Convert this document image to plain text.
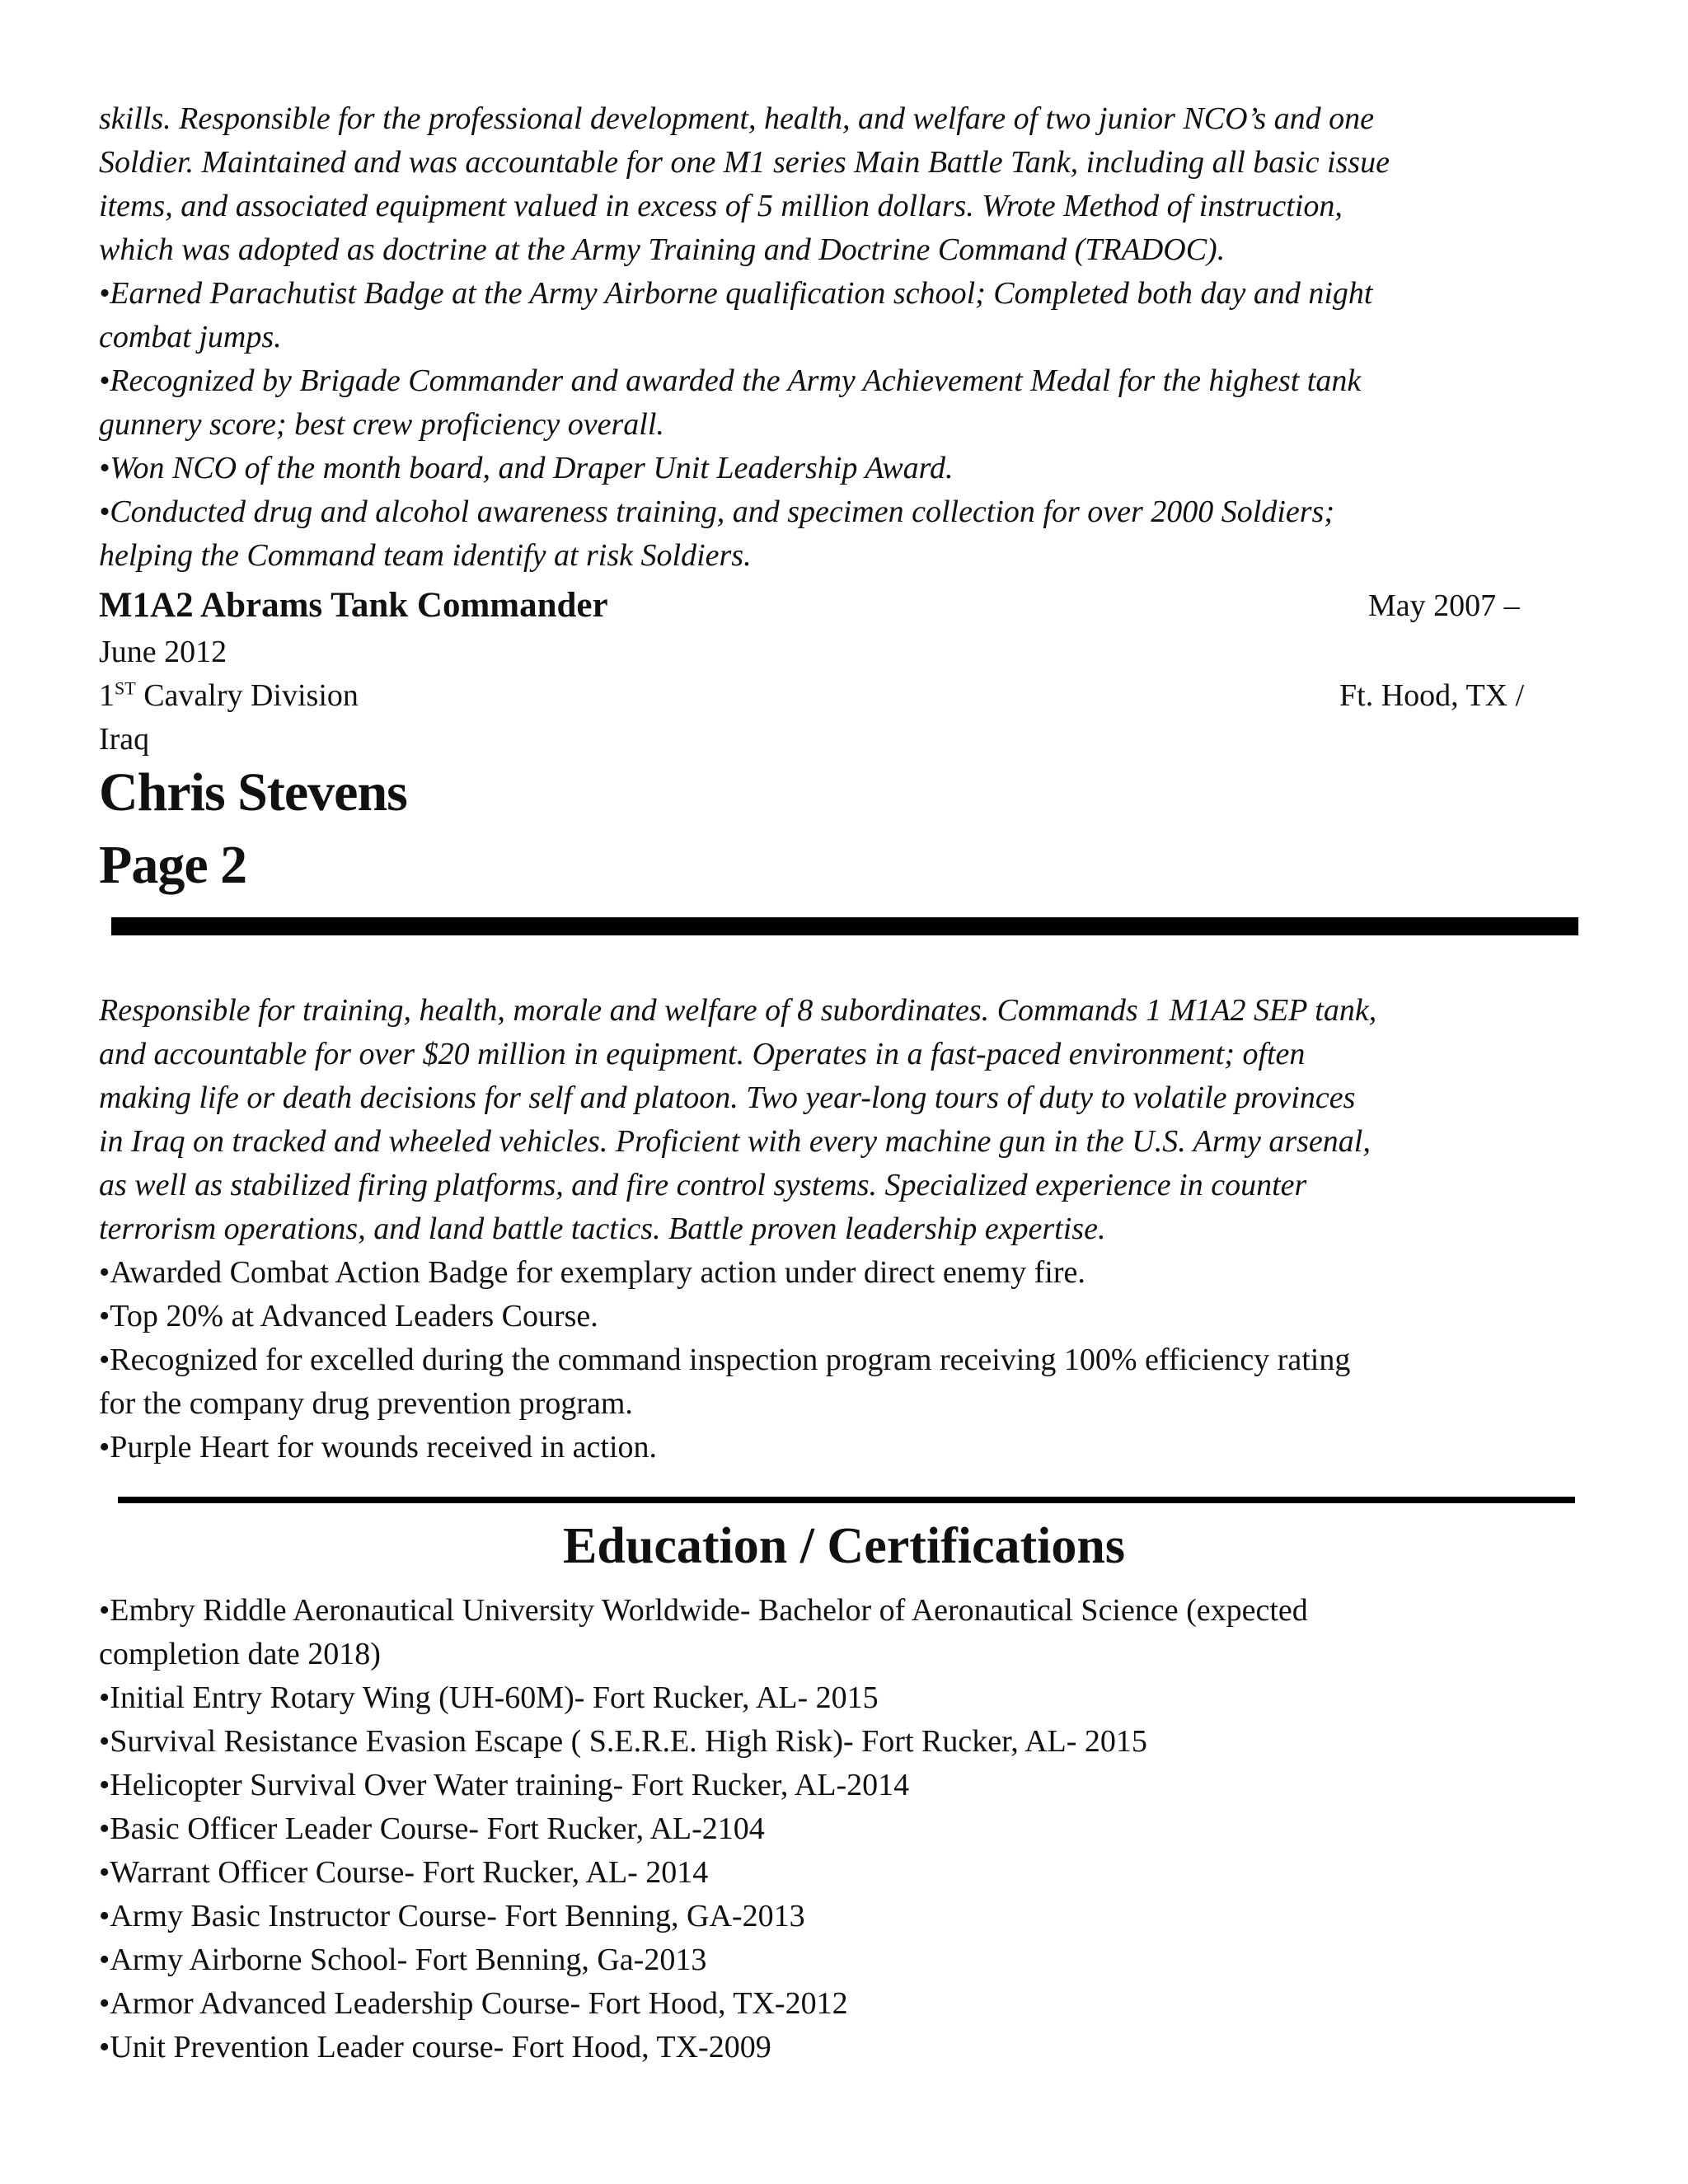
skills. Responsible for the professional development, health, and welfare of two junior NCO’s and one
Soldier. Maintained and was accountable for one M1 series Main Battle Tank, including all basic issue
items, and associated equipment valued in excess of 5 million dollars. Wrote Method of instruction,
which was adopted as doctrine at the Army Training and Doctrine Command (TRADOC).
•Earned Parachutist Badge at the Army Airborne qualification school; Completed both day and night
combat jumps.
•Recognized by Brigade Commander and awarded the Army Achievement Medal for the highest tank
gunnery score; best crew proficiency overall.
•Won NCO of the month board, and Draper Unit Leadership Award.
•Conducted drug and alcohol awareness training, and specimen collection for over 2000 Soldiers;
helping the Command team identify at risk Soldiers.
M1A2 Abrams Tank Commander	May 2007 –
June 2012
1ST Cavalry Division	Ft. Hood, TX /
Iraq
Chris Stevens
Page 2
Responsible for training, health, morale and welfare of 8 subordinates. Commands 1 M1A2 SEP tank,
and accountable for over $20 million in equipment. Operates in a fast-paced environment; often
making life or death decisions for self and platoon. Two year-long tours of duty to volatile provinces
in Iraq on tracked and wheeled vehicles. Proficient with every machine gun in the U.S. Army arsenal,
as well as stabilized firing platforms, and fire control systems. Specialized experience in counter
terrorism operations, and land battle tactics. Battle proven leadership expertise.
•Awarded Combat Action Badge for exemplary action under direct enemy fire.
•Top 20% at Advanced Leaders Course.
•Recognized for excelled during the command inspection program receiving 100% efficiency rating
for the company drug prevention program.
•Purple Heart for wounds received in action.
Education / Certifications
•Embry Riddle Aeronautical University Worldwide- Bachelor of Aeronautical Science (expected
completion date 2018)
•Initial Entry Rotary Wing (UH-60M)- Fort Rucker, AL- 2015
•Survival Resistance Evasion Escape ( S.E.R.E. High Risk)- Fort Rucker, AL- 2015
•Helicopter Survival Over Water training- Fort Rucker, AL-2014
•Basic Officer Leader Course- Fort Rucker, AL-2104
•Warrant Officer Course- Fort Rucker, AL- 2014
•Army Basic Instructor Course- Fort Benning, GA-2013
•Army Airborne School- Fort Benning, Ga-2013
•Armor Advanced Leadership Course- Fort Hood, TX-2012
•Unit Prevention Leader course- Fort Hood, TX-2009
